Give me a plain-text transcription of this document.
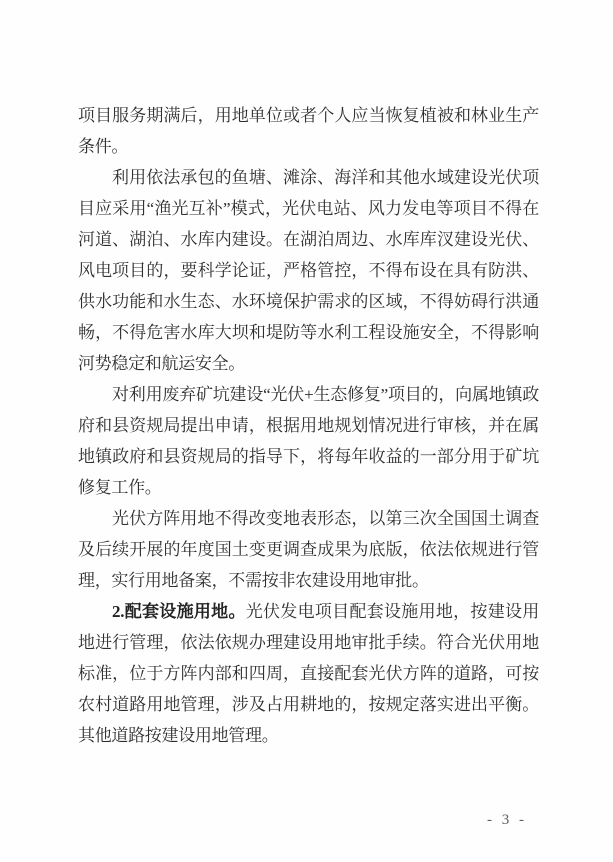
项目服务期满后，用地单位或者个人应当恢复植被和林业生产条件。

利用依法承包的鱼塘、滩涂、海洋和其他水域建设光伏项目应采用“渔光互补”模式，光伏电站、风力发电等项目不得在河道、湖泊、水库内建设。在湖泊周边、水库库汊建设光伏、风电项目的，要科学论证，严格管控，不得布设在具有防洪、供水功能和水生态、水环境保护需求的区域，不得妨碍行洪通畅，不得危害水库大坝和堤防等水利工程设施安全，不得影响河势稳定和航运安全。

对利用废弃矿坑建设“光伏+生态修复”项目的，向属地镇政府和县资规局提出申请，根据用地规划情况进行审核，并在属地镇政府和县资规局的指导下，将每年收益的一部分用于矿坑修复工作。

光伏方阵用地不得改变地表形态，以第三次全国国土调查及后续开展的年度国土变更调查成果为底版，依法依规进行管理，实行用地备案，不需按非农建设用地审批。

2.配套设施用地。光伏发电项目配套设施用地，按建设用地进行管理，依法依规办理建设用地审批手续。符合光伏用地标准，位于方阵内部和四周，直接配套光伏方阵的道路，可按农村道路用地管理，涉及占用耕地的，按规定落实进出平衡。其他道路按建设用地管理。

- 3 -
